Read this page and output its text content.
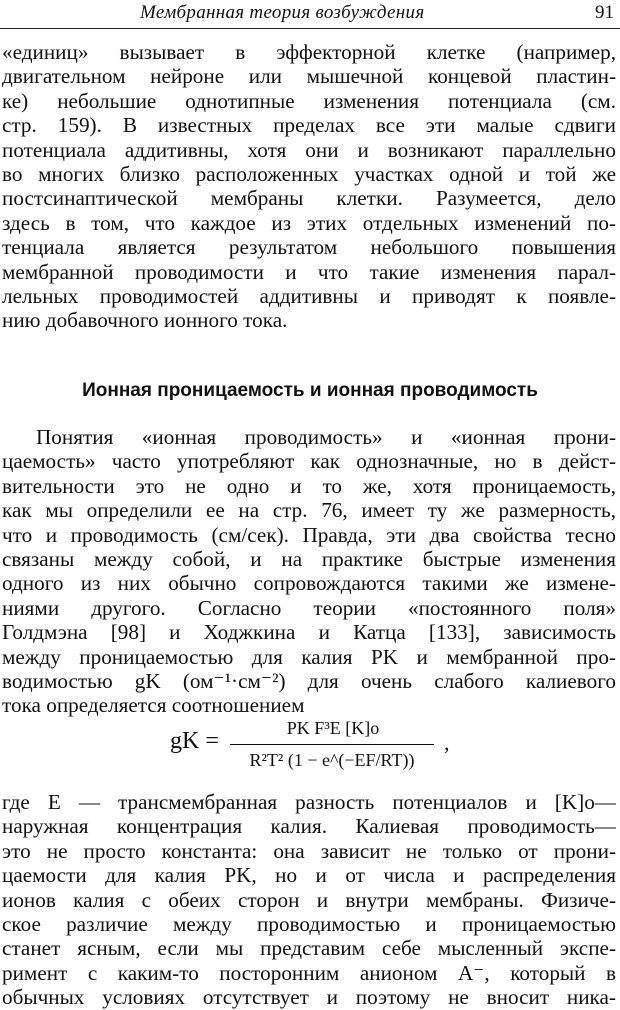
Мембранная теория возбуждения	91
«единиц» вызывает в эффекторной клетке (например,
двигательном нейроне или мышечной концевой пластин-
ке) небольшие однотипные изменения потенциала (см.
стр. 159). В известных пределах все эти малые сдвиги
потенциала аддитивны, хотя они и возникают параллельно
во многих близко расположенных участках одной и той же
постсинаптической мембраны клетки. Разумеется, дело
здесь в том, что каждое из этих отдельных изменений по-
тенциала является результатом небольшого повышения
мембранной проводимости и что такие изменения парал-
лельных проводимостей аддитивны и приводят к появле-
нию добавочного ионного тока.
Ионная проницаемость и ионная проводимость
Понятия «ионная проводимость» и «ионная прони-
цаемость» часто употребляют как однозначные, но в дейст-
вительности это не одно и то же, хотя проницаемость,
как мы определили ее на стр. 76, имеет ту же размерность,
что и проводимость (см/сек). Правда, эти два свойства тесно
связаны между собой, и на практике быстрые изменения
одного из них обычно сопровождаются такими же измене-
ниями другого. Согласно теории «постоянного поля»
Голдмэна [98] и Ходжкина и Катца [133], зависимость
между проницаемостью для калия PK и мембранной про-
водимостью gK (ом⁻¹·см⁻²) для очень слабого калиевого
тока определяется соотношением
gK =	PK F³E [K]o
R²T² (1 − e^(−EF/RT))
,
где E — трансмембранная разность потенциалов и [K]o—
наружная концентрация калия. Калиевая проводимость—
это не просто константа: она зависит не только от прони-
цаемости для калия PK, но и от числа и распределения
ионов калия с обеих сторон и внутри мембраны. Физиче-
ское различие между проводимостью и проницаемостью
станет ясным, если мы представим себе мысленный экспе-
римент с каким-то посторонним анионом A⁻, который в
обычных условиях отсутствует и поэтому не вносит ника-
